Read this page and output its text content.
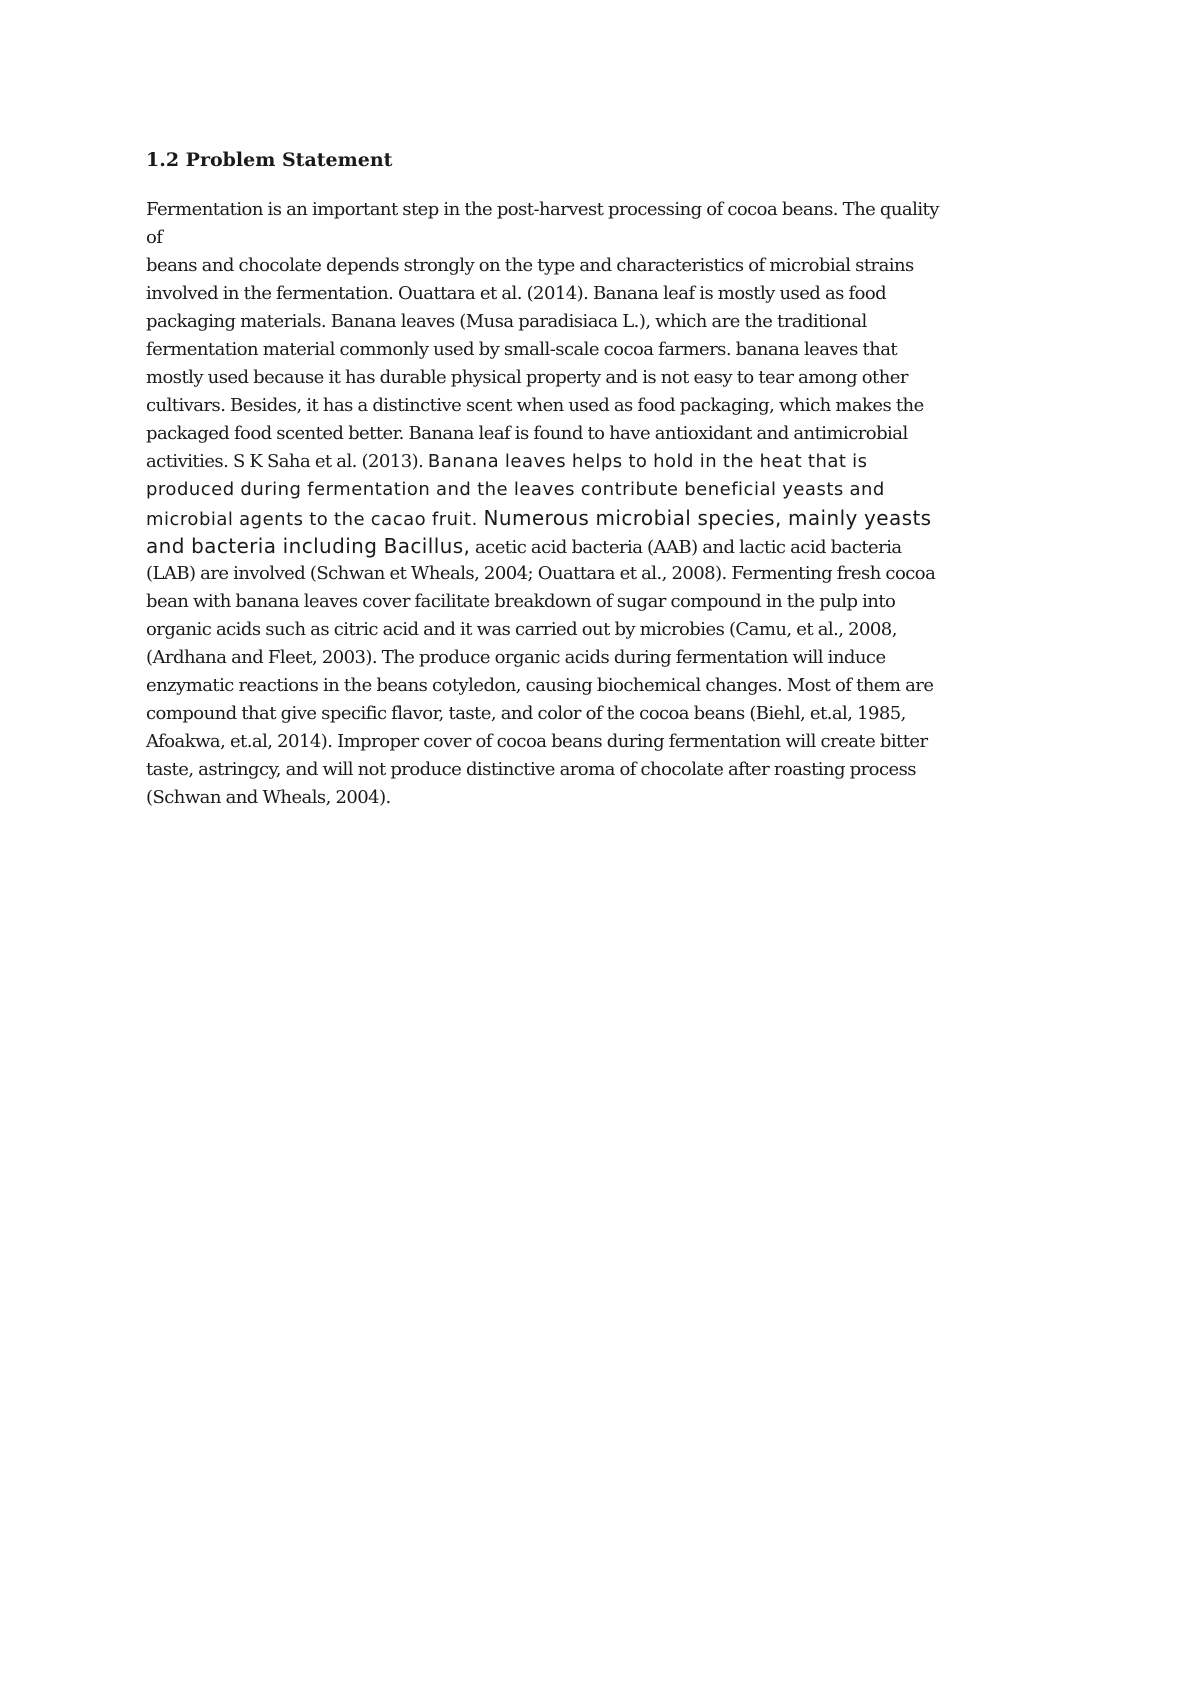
1.2 Problem Statement
Fermentation is an important step in the post-harvest processing of cocoa beans. The quality
of
beans and chocolate depends strongly on the type and characteristics of microbial strains
involved in the fermentation. Ouattara et al. (2014). Banana leaf is mostly used as food
packaging materials. Banana leaves (Musa paradisiaca L.), which are the traditional
fermentation material commonly used by small-scale cocoa farmers. banana leaves that
mostly used because it has durable physical property and is not easy to tear among other
cultivars. Besides, it has a distinctive scent when used as food packaging, which makes the
packaged food scented better. Banana leaf is found to have antioxidant and antimicrobial
activities. S K Saha et al. (2013). Banana leaves helps to hold in the heat that is
produced during fermentation and the leaves contribute beneficial yeasts and
microbial agents to the cacao fruit. Numerous microbial species, mainly yeasts
and bacteria including Bacillus, acetic acid bacteria (AAB) and lactic acid bacteria
(LAB) are involved (Schwan et Wheals, 2004; Ouattara et al., 2008). Fermenting fresh cocoa
bean with banana leaves cover facilitate breakdown of sugar compound in the pulp into
organic acids such as citric acid and it was carried out by microbies (Camu, et al., 2008,
(Ardhana and Fleet, 2003). The produce organic acids during fermentation will induce
enzymatic reactions in the beans cotyledon, causing biochemical changes. Most of them are
compound that give specific flavor, taste, and color of the cocoa beans (Biehl, et.al, 1985,
Afoakwa, et.al, 2014). Improper cover of cocoa beans during fermentation will create bitter
taste, astringcy, and will not produce distinctive aroma of chocolate after roasting process
(Schwan and Wheals, 2004).
